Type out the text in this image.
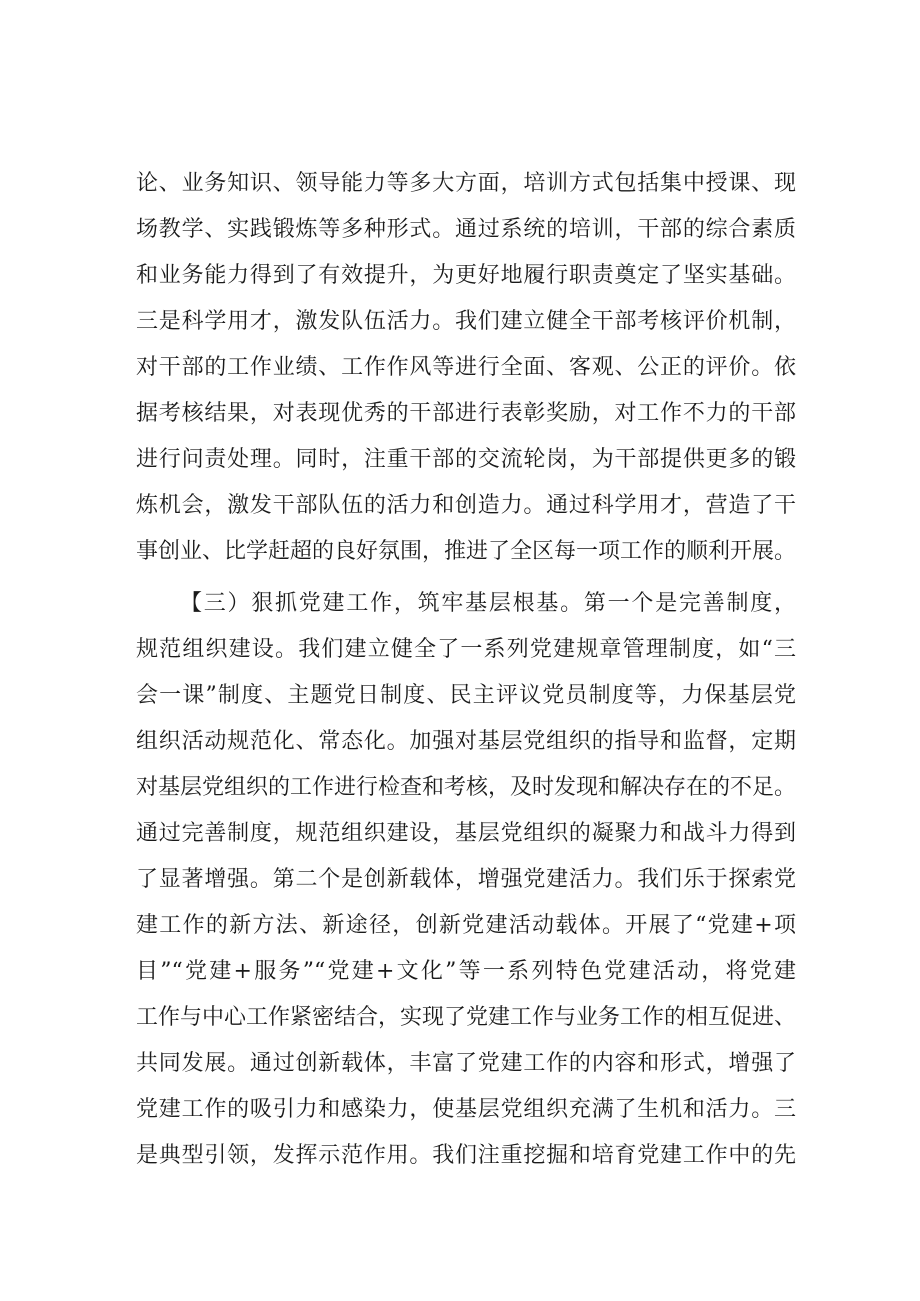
论、业务知识、领导能力等多大方面，培训方式包括集中授课、现
场教学、实践锻炼等多种形式。通过系统的培训，干部的综合素质
和业务能力得到了有效提升，为更好地履行职责奠定了坚实基础。
三是科学用才，激发队伍活力。我们建立健全干部考核评价机制，
对干部的工作业绩、工作作风等进行全面、客观、公正的评价。依
据考核结果，对表现优秀的干部进行表彰奖励，对工作不力的干部
进行问责处理。同时，注重干部的交流轮岗，为干部提供更多的锻
炼机会，激发干部队伍的活力和创造力。通过科学用才，营造了干
事创业、比学赶超的良好氛围，推进了全区每一项工作的顺利开展。
【三）狠抓党建工作，筑牢基层根基。第一个是完善制度，
规范组织建设。我们建立健全了一系列党建规章管理制度，如“三
会一课”制度、主题党日制度、民主评议党员制度等，力保基层党
组织活动规范化、常态化。加强对基层党组织的指导和监督，定期
对基层党组织的工作进行检查和考核，及时发现和解决存在的不足。
通过完善制度，规范组织建设，基层党组织的凝聚力和战斗力得到
了显著增强。第二个是创新载体，增强党建活力。我们乐于探索党
建工作的新方法、新途径，创新党建活动载体。开展了“党建+项
目”“党建+服务”“党建+文化”等一系列特色党建活动，将党建
工作与中心工作紧密结合，实现了党建工作与业务工作的相互促进、
共同发展。通过创新载体，丰富了党建工作的内容和形式，增强了
党建工作的吸引力和感染力，使基层党组织充满了生机和活力。三
是典型引领，发挥示范作用。我们注重挖掘和培育党建工作中的先
